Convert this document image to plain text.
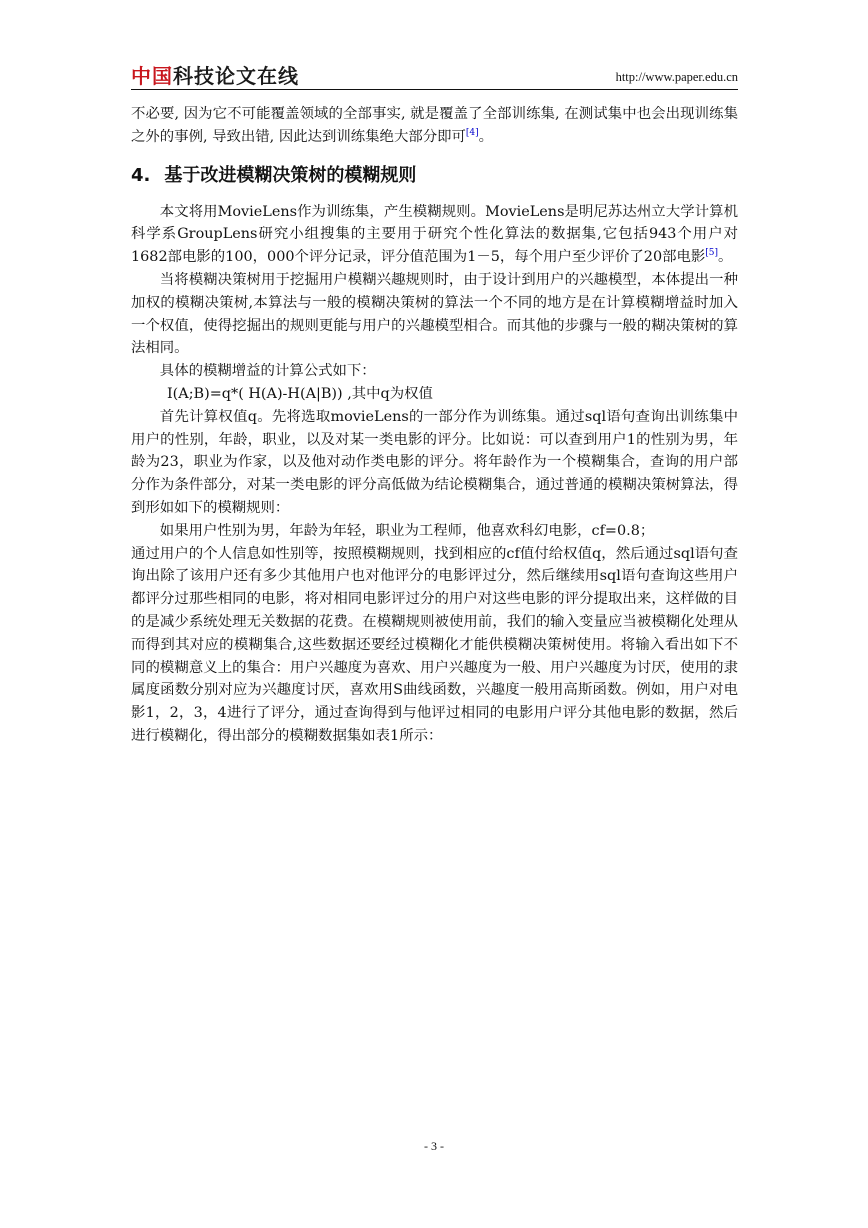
中国科技论文在线	http://www.paper.edu.cn

不必要, 因为它不可能覆盖领域的全部事实, 就是覆盖了全部训练集, 在测试集中也会出现训练集之外的事例, 导致出错, 因此达到训练集绝大部分即可[4]。

4. 基于改进模糊决策树的模糊规则

本文将用MovieLens作为训练集，产生模糊规则。MovieLens是明尼苏达州立大学计算机科学系GroupLens研究小组搜集的主要用于研究个性化算法的数据集,它包括943个用户对1682部电影的100，000个评分记录，评分值范围为1－5，每个用户至少评价了20部电影[5]。

当将模糊决策树用于挖掘用户模糊兴趣规则时，由于设计到用户的兴趣模型，本体提出一种加权的模糊决策树,本算法与一般的模糊决策树的算法一个不同的地方是在计算模糊增益时加入一个权值，使得挖掘出的规则更能与用户的兴趣模型相合。而其他的步骤与一般的糊决策树的算法相同。

具体的模糊增益的计算公式如下：

I(A;B)=q*( H(A)-H(A|B)) ,其中q为权值

首先计算权值q。先将选取movieLens的一部分作为训练集。通过sql语句查询出训练集中用户的性别，年龄，职业，以及对某一类电影的评分。比如说：可以查到用户1的性别为男，年龄为23，职业为作家，以及他对动作类电影的评分。将年龄作为一个模糊集合，查询的用户部分作为条件部分，对某一类电影的评分高低做为结论模糊集合，通过普通的模糊决策树算法，得到形如如下的模糊规则：

如果用户性别为男，年龄为年轻，职业为工程师，他喜欢科幻电影，cf=0.8；

通过用户的个人信息如性别等，按照模糊规则，找到相应的cf值付给权值q，然后通过sql语句查询出除了该用户还有多少其他用户也对他评分的电影评过分，然后继续用sql语句查询这些用户都评分过那些相同的电影，将对相同电影评过分的用户对这些电影的评分提取出来，这样做的目的是减少系统处理无关数据的花费。在模糊规则被使用前，我们的输入变量应当被模糊化处理从而得到其对应的模糊集合,这些数据还要经过模糊化才能供模糊决策树使用。将输入看出如下不同的模糊意义上的集合：用户兴趣度为喜欢、用户兴趣度为一般、用户兴趣度为讨厌，使用的隶属度函数分别对应为兴趣度讨厌，喜欢用S曲线函数，兴趣度一般用高斯函数。例如，用户对电影1，2，3，4进行了评分，通过查询得到与他评过相同的电影用户评分其他电影的数据，然后进行模糊化，得出部分的模糊数据集如表1所示：

- 3 -
